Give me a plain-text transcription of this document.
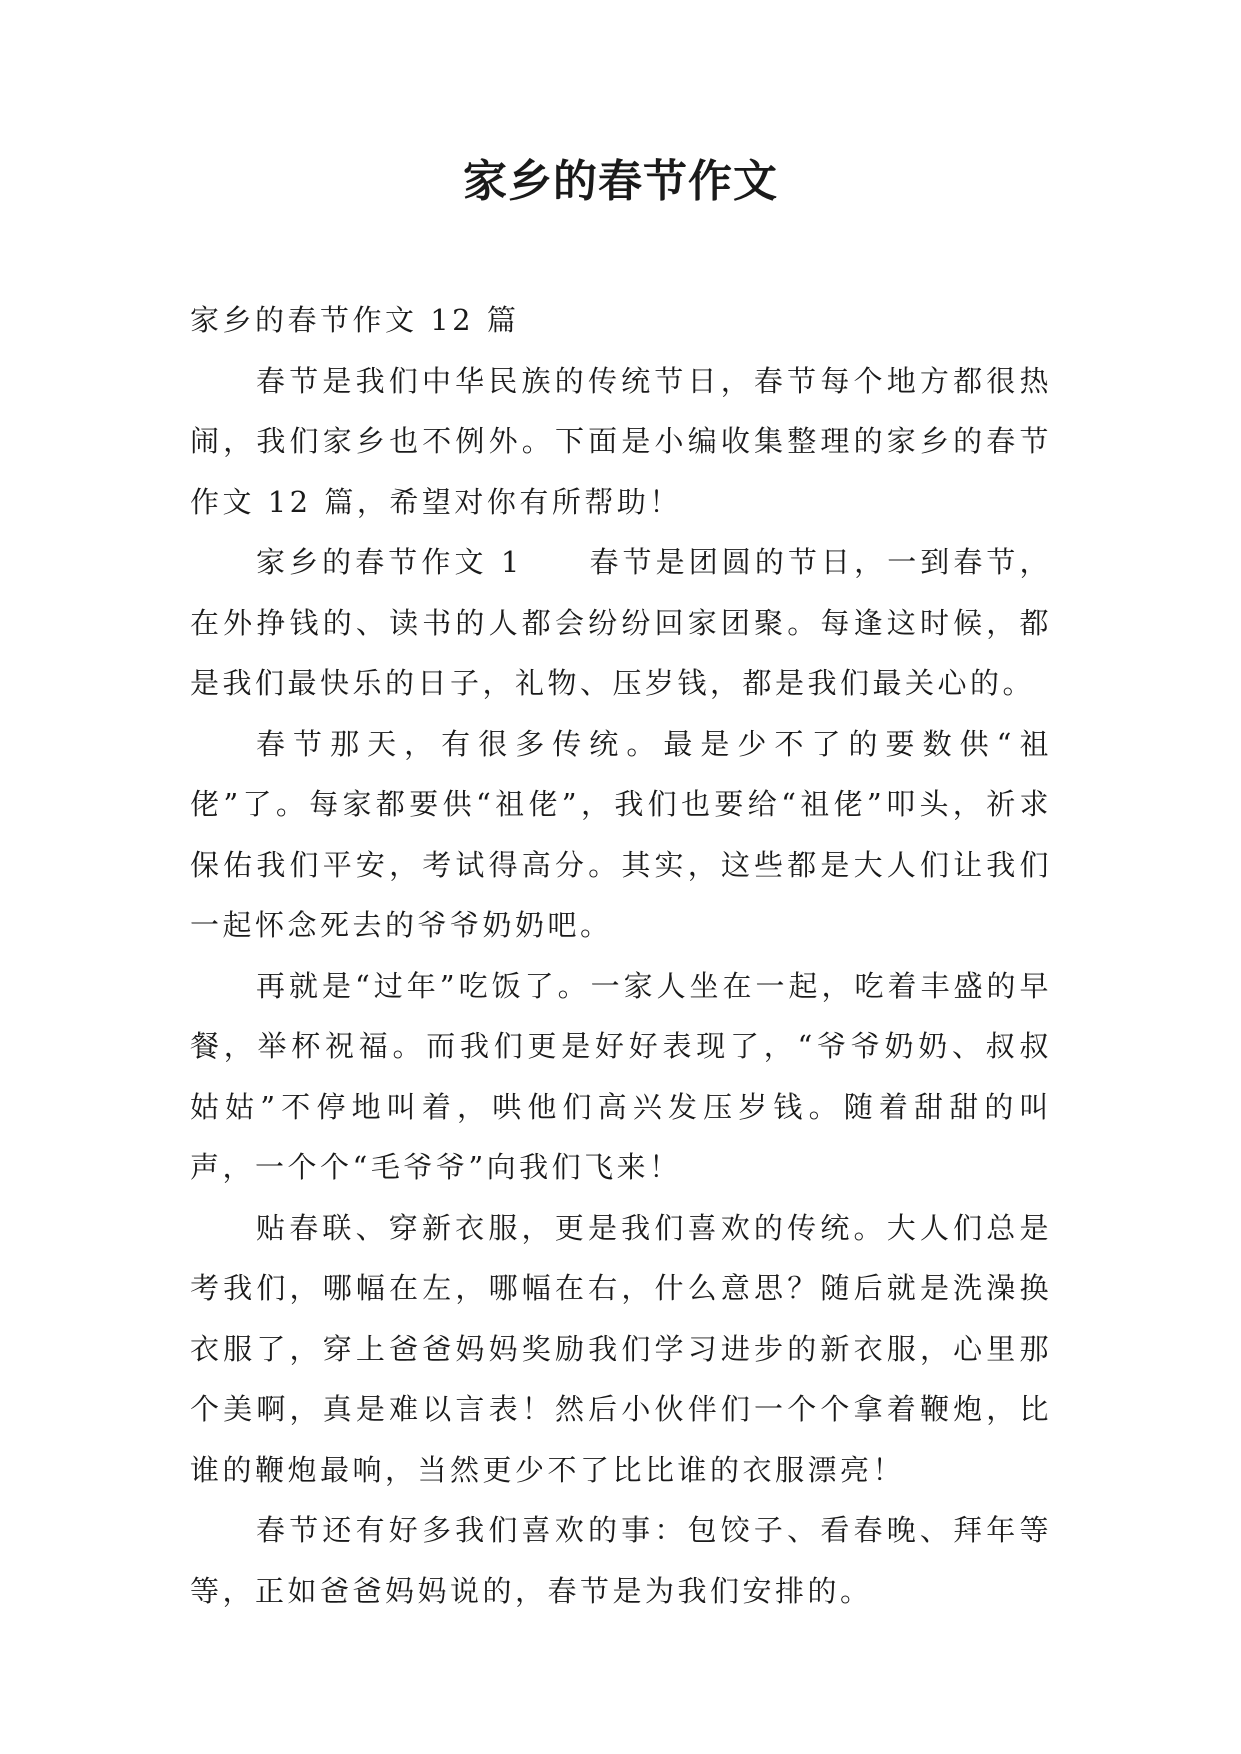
家乡的春节作文

家乡的春节作文 12 篇

春节是我们中华民族的传统节日，春节每个地方都很热闹，我们家乡也不例外。下面是小编收集整理的家乡的春节作文 12 篇，希望对你有所帮助！

家乡的春节作文 1　　春节是团圆的节日，一到春节，在外挣钱的、读书的人都会纷纷回家团聚。每逢这时候，都是我们最快乐的日子，礼物、压岁钱，都是我们最关心的。

春节那天，有很多传统。最是少不了的要数供“祖佬”了。每家都要供“祖佬”，我们也要给“祖佬”叩头，祈求保佑我们平安，考试得高分。其实，这些都是大人们让我们一起怀念死去的爷爷奶奶吧。

再就是“过年”吃饭了。一家人坐在一起，吃着丰盛的早餐，举杯祝福。而我们更是好好表现了，“爷爷奶奶、叔叔姑姑”不停地叫着，哄他们高兴发压岁钱。随着甜甜的叫声，一个个“毛爷爷”向我们飞来！

贴春联、穿新衣服，更是我们喜欢的传统。大人们总是考我们，哪幅在左，哪幅在右，什么意思？随后就是洗澡换衣服了，穿上爸爸妈妈奖励我们学习进步的新衣服，心里那个美啊，真是难以言表！然后小伙伴们一个个拿着鞭炮，比谁的鞭炮最响，当然更少不了比比谁的衣服漂亮！

春节还有好多我们喜欢的事：包饺子、看春晚、拜年等等，正如爸爸妈妈说的，春节是为我们安排的。
